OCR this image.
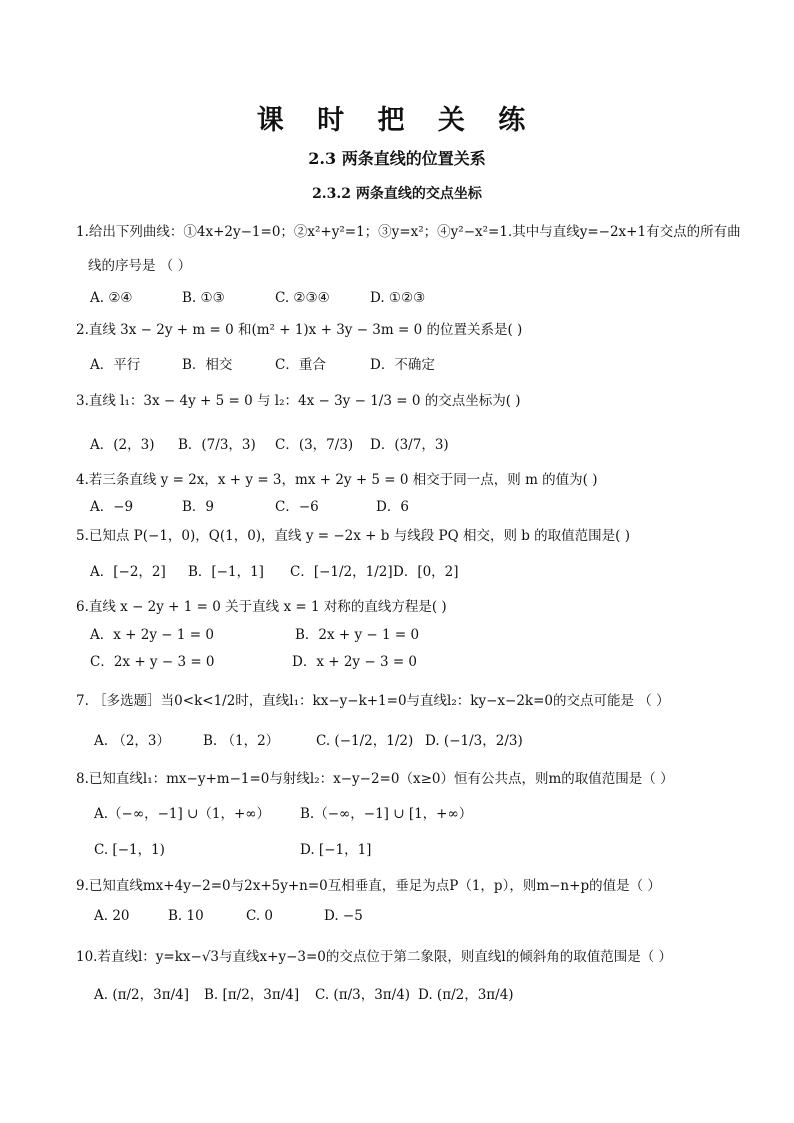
课 时 把 关 练
2.3 两条直线的位置关系
2.3.2 两条直线的交点坐标
1.给出下列曲线：①4x+2y−1=0；②x²+y²=1；③y=x²；④y²−x²=1.其中与直线y=−2x+1有交点的所有曲
线的序号是 （ ）
A. ②④	B. ①③	C. ②③④	D. ①②③
2.直线 3x − 2y + m = 0 和(m² + 1)x + 3y − 3m = 0 的位置关系是( )
A．平行	B．相交	C．重合	D．不确定
3.直线 l₁：3x − 4y + 5 = 0 与 l₂：4x − 3y − 1/3 = 0 的交点坐标为( )
A．(2，3) B．(7/3，3) C．(3，7/3) D．(3/7，3)
4.若三条直线 y = 2x，x + y = 3，mx + 2y + 5 = 0 相交于同一点，则 m 的值为( )
A．−9	B．9	C．−6	D．6
5.已知点 P(−1，0)，Q(1，0)，直线 y = −2x + b 与线段 PQ 相交，则 b 的取值范围是( )
A．[−2，2] B．[−1，1] C．[−1/2，1/2] D．[0，2]
6.直线 x − 2y + 1 = 0 关于直线 x = 1 对称的直线方程是( )
A．x + 2y − 1 = 0	B．2x + y − 1 = 0
C．2x + y − 3 = 0	D．x + 2y − 3 = 0
7. ［多选题］当0<k<1/2时，直线l₁：kx−y−k+1=0与直线l₂：ky−x−2k=0的交点可能是 （ ）
A. （2，3） B. （1，2）	C. (−1/2，1/2) D. (−1/3，2/3)
8.已知直线l₁：mx−y+m−1=0与射线l₂：x−y−2=0（x≥0）恒有公共点，则m的取值范围是（ ）
A.（−∞，−1] ∪（1，+∞） B.（−∞，−1] ∪ [1，+∞）
C. [−1，1)	D. [−1，1]
9.已知直线mx+4y−2=0与2x+5y+n=0互相垂直，垂足为点P（1，p），则m−n+p的值是（ ）
A. 20	B. 10	C. 0	D. −5
10.若直线l：y=kx−√3与直线x+y−3=0的交点位于第二象限，则直线l的倾斜角的取值范围是（ ）
A. (π/2，3π/4] B. [π/2，3π/4] C. (π/3，3π/4) D. (π/2，3π/4)
